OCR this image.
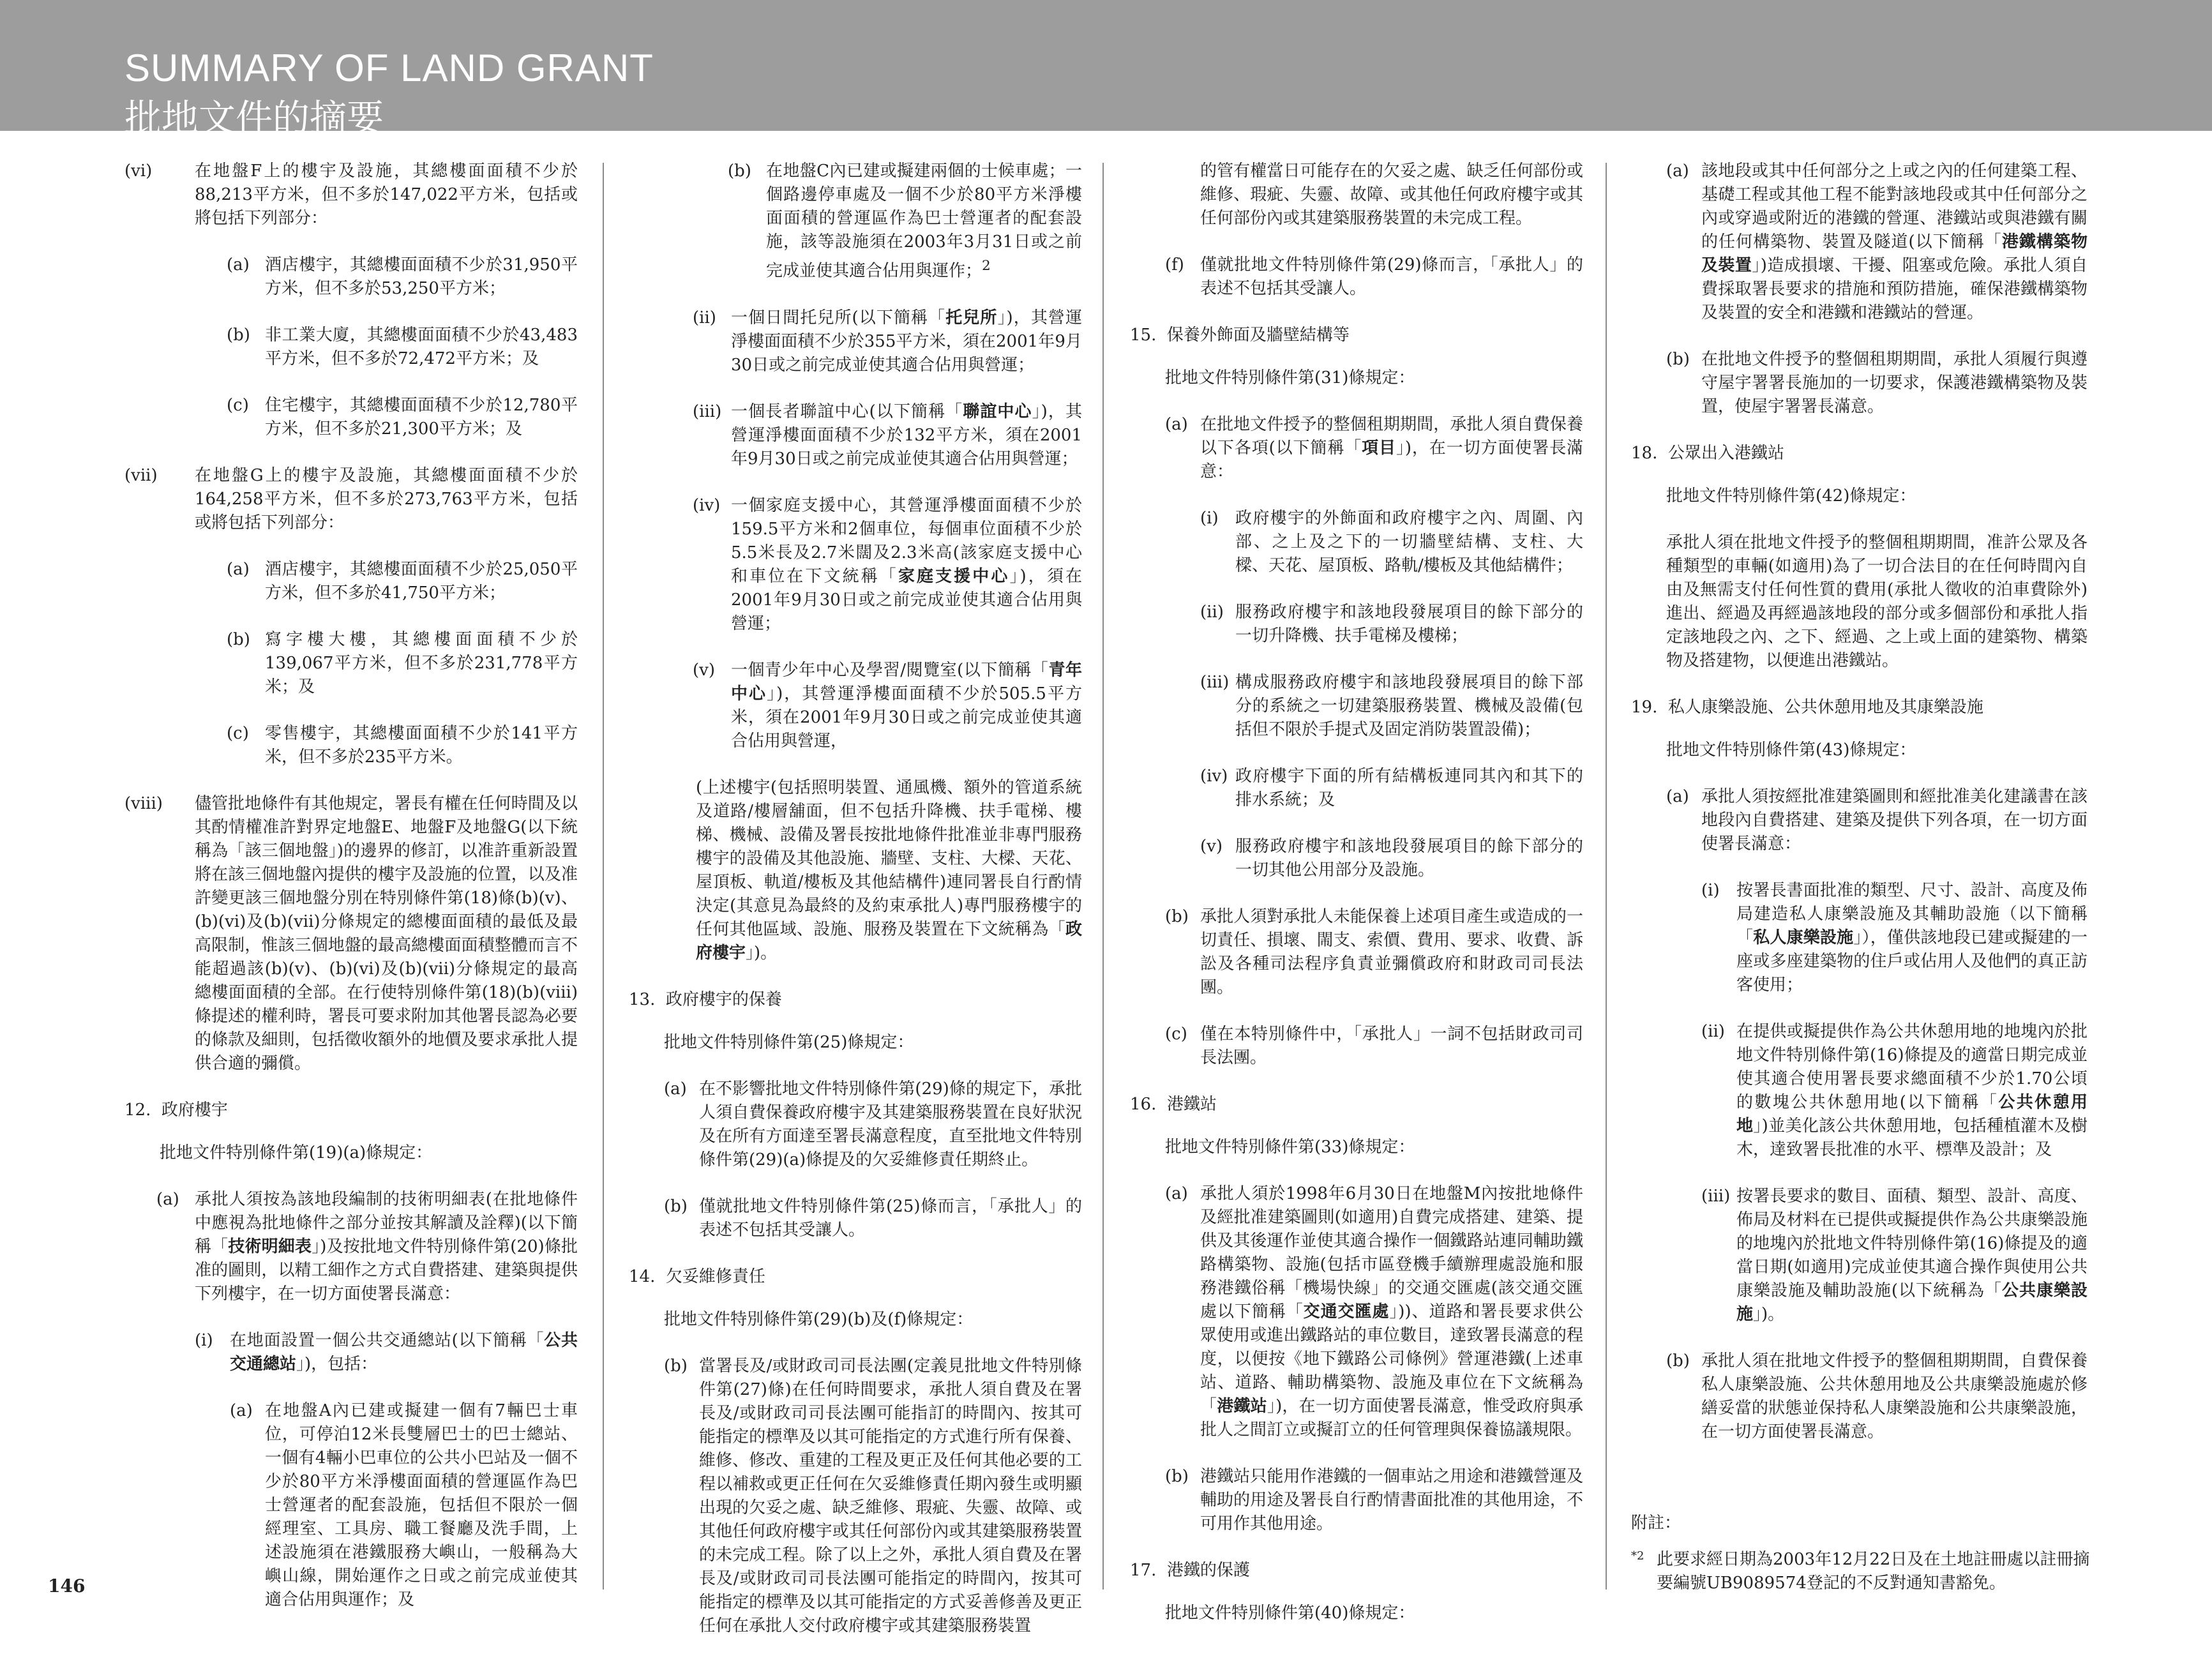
SUMMARY OF LAND GRANT
批地文件的摘要
(vi)	在地盤F上的樓宇及設施，其總樓面面積不少於88,213平方米，但不多於147,022平方米，包括或將包括下列部分：
(a) 酒店樓宇，其總樓面面積不少於31,950平方米，但不多於53,250平方米；
(b) 非工業大廈，其總樓面面積不少於43,483平方米，但不多於72,472平方米；及
(c) 住宅樓宇，其總樓面面積不少於12,780平方米，但不多於21,300平方米；及
(vii) 在地盤G上的樓宇及設施，其總樓面面積不少於164,258平方米，但不多於273,763平方米，包括或將包括下列部分：
(a) 酒店樓宇，其總樓面面積不少於25,050平方米，但不多於41,750平方米；
(b) 寫字樓大樓，其總樓面面積不少於139,067平方米，但不多於231,778平方米；及
(c) 零售樓宇，其總樓面面積不少於141平方米，但不多於235平方米。
(viii) 儘管批地條件有其他規定，署長有權在任何時間及以其酌情權准許對界定地盤E、地盤F及地盤G(以下統稱為「該三個地盤」)的邊界的修訂，以准許重新設置將在該三個地盤內提供的樓宇及設施的位置，以及准許變更該三個地盤分別在特別條件第(18)條(b)(v)、(b)(vi)及(b)(vii)分條規定的總樓面面積的最低及最高限制，惟該三個地盤的最高總樓面面積整體而言不能超過該(b)(v)、(b)(vi)及(b)(vii)分條規定的最高總樓面面積的全部。在行使特別條件第(18)(b)(viii)條提述的權利時，署長可要求附加其他署長認為必要的條款及細則，包括徵收額外的地價及要求承批人提供合適的彌償。
12. 政府樓宇
批地文件特別條件第(19)(a)條規定：
(a) 承批人須按為該地段編制的技術明細表(在批地條件中應視為批地條件之部分並按其解讀及詮釋)(以下簡稱「技術明細表」)及按批地文件特別條件第(20)條批准的圖則，以精工細作之方式自費搭建、建築與提供下列樓宇，在一切方面使署長滿意：
(i) 在地面設置一個公共交通總站(以下簡稱「公共交通總站」)，包括：
(a) 在地盤A內已建或擬建一個有7輛巴士車位，可停泊12米長雙層巴士的巴士總站、一個有4輛小巴車位的公共小巴站及一個不少於80平方米淨樓面面積的營運區作為巴士營運者的配套設施，包括但不限於一個經理室、工具房、職工餐廳及洗手間，上述設施須在港鐵服務大嶼山，一般稱為大嶼山線，開始運作之日或之前完成並使其適合佔用與運作；及
(b) 在地盤C內已建或擬建兩個的士候車處；一個路邊停車處及一個不少於80平方米淨樓面面積的營運區作為巴士營運者的配套設施，該等設施須在2003年3月31日或之前完成並使其適合佔用與運作；$^2$
(ii) 一個日間托兒所(以下簡稱「托兒所」)，其營運淨樓面面積不少於355平方米，須在2001年9月30日或之前完成並使其適合佔用與營運；
(iii) 一個長者聯誼中心(以下簡稱「聯誼中心」)，其營運淨樓面面積不少於132平方米，須在2001年9月30日或之前完成並使其適合佔用與營運；
(iv) 一個家庭支援中心，其營運淨樓面面積不少於159.5平方米和2個車位，每個車位面積不少於5.5米長及2.7米闊及2.3米高(該家庭支援中心和車位在下文統稱「家庭支援中心」)，須在2001年9月30日或之前完成並使其適合佔用與營運；
(v) 一個青少年中心及學習/閱覽室(以下簡稱「青年中心」)，其營運淨樓面面積不少於505.5平方米，須在2001年9月30日或之前完成並使其適合佔用與營運，
(上述樓宇(包括照明裝置、通風機、額外的管道系統及道路/樓層舖面，但不包括升降機、扶手電梯、樓梯、機械、設備及署長按批地條件批准並非專門服務樓宇的設備及其他設施、牆壁、支柱、大樑、天花、屋頂板、軌道/樓板及其他結構件)連同署長自行酌情決定(其意見為最終的及約束承批人)專門服務樓宇的任何其他區域、設施、服務及裝置在下文統稱為「政府樓宇」)。
13. 政府樓宇的保養
批地文件特別條件第(25)條規定：
(a) 在不影響批地文件特別條件第(29)條的規定下，承批人須自費保養政府樓宇及其建築服務裝置在良好狀況及在所有方面達至署長滿意程度，直至批地文件特別條件第(29)(a)條提及的欠妥維修責任期終止。
(b) 僅就批地文件特別條件第(25)條而言，「承批人」的表述不包括其受讓人。
14. 欠妥維修責任
批地文件特別條件第(29)(b)及(f)條規定：
(b) 當署長及/或財政司司長法團(定義見批地文件特別條件第(27)條)在任何時間要求，承批人須自費及在署長及/或財政司司長法團可能指訂的時間內、按其可能指定的標準及以其可能指定的方式進行所有保養、維修、修改、重建的工程及更正及任何其他必要的工程以補救或更正任何在欠妥維修責任期內發生或明顯出現的欠妥之處、缺乏維修、瑕疵、失靈、故障、或其他任何政府樓宇或其任何部份內或其建築服務裝置的未完成工程。除了以上之外，承批人須自費及在署長及/或財政司司長法團可能指定的時間內，按其可能指定的標準及以其可能指定的方式妥善修善及更正任何在承批人交付政府樓宇或其建築服務裝置
的管有權當日可能存在的欠妥之處、缺乏任何部份或維修、瑕疵、失靈、故障、或其他任何政府樓宇或其任何部份內或其建築服務裝置的未完成工程。
(f) 僅就批地文件特別條件第(29)條而言，「承批人」的表述不包括其受讓人。
15. 保養外飾面及牆壁結構等
批地文件特別條件第(31)條規定：
(a) 在批地文件授予的整個租期期間，承批人須自費保養以下各項(以下簡稱「項目」)，在一切方面使署長滿意：
(i) 政府樓宇的外飾面和政府樓宇之內、周圍、內部、之上及之下的一切牆壁結構、支柱、大樑、天花、屋頂板、路軌/樓板及其他結構件；
(ii) 服務政府樓宇和該地段發展項目的餘下部分的一切升降機、扶手電梯及樓梯；
(iii) 構成服務政府樓宇和該地段發展項目的餘下部分的系統之一切建築服務裝置、機械及設備(包括但不限於手提式及固定消防裝置設備)；
(iv) 政府樓宇下面的所有結構板連同其內和其下的排水系統；及
(v) 服務政府樓宇和該地段發展項目的餘下部分的一切其他公用部分及設施。
(b) 承批人須對承批人未能保養上述項目產生或造成的一切責任、損壞、閙支、索價、費用、要求、收費、訴訟及各種司法程序負責並彌償政府和財政司司長法團。
(c) 僅在本特別條件中，「承批人」一詞不包括財政司司長法團。
16. 港鐵站
批地文件特別條件第(33)條規定：
(a) 承批人須於1998年6月30日在地盤M內按批地條件及經批准建築圖則(如適用)自費完成搭建、建築、提供及其後運作並使其適合操作一個鐵路站連同輔助鐵路構築物、設施(包括市區登機手續辦理處設施和服務港鐵俗稱「機場快線」的交通交匯處(該交通交匯處以下簡稱「交通交匯處」))、道路和署長要求供公眾使用或進出鐵路站的車位數目，達致署長滿意的程度，以便按《地下鐵路公司條例》營運港鐵(上述車站、道路、輔助構築物、設施及車位在下文統稱為「港鐵站」)，在一切方面使署長滿意，惟受政府與承批人之間訂立或擬訂立的任何管理與保養協議規限。
(b) 港鐵站只能用作港鐵的一個車站之用途和港鐵營運及輔助的用途及署長自行酌情書面批准的其他用途，不可用作其他用途。
17. 港鐵的保護
批地文件特別條件第(40)條規定：
(a) 該地段或其中任何部分之上或之內的任何建築工程、基礎工程或其他工程不能對該地段或其中任何部分之內或穿過或附近的港鐵的營運、港鐵站或與港鐵有關的任何構築物、裝置及隧道(以下簡稱「港鐵構築物及裝置」)造成損壞、干擾、阻塞或危險。承批人須自費採取署長要求的措施和預防措施，確保港鐵構築物及裝置的安全和港鐵和港鐵站的營運。
(b) 在批地文件授予的整個租期期間，承批人須履行與遵守屋宇署署長施加的一切要求，保護港鐵構築物及裝置，使屋宇署署長滿意。
18. 公眾出入港鐵站
批地文件特別條件第(42)條規定：
承批人須在批地文件授予的整個租期期間，准許公眾及各種類型的車輛(如適用)為了一切合法目的在任何時間內自由及無需支付任何性質的費用(承批人徵收的泊車費除外)進出、經過及再經過該地段的部分或多個部份和承批人指定該地段之內、之下、經過、之上或上面的建築物、構築物及搭建物，以便進出港鐵站。
19. 私人康樂設施、公共休憩用地及其康樂設施
批地文件特別條件第(43)條規定：
(a) 承批人須按經批准建築圖則和經批准美化建議書在該地段內自費搭建、建築及提供下列各項，在一切方面使署長滿意：
(i) 按署長書面批准的類型、尺寸、設計、高度及佈局建造私人康樂設施及其輔助設施（以下簡稱「私人康樂設施」），僅供該地段已建或擬建的一座或多座建築物的住戶或佔用人及他們的真正訪客使用；
(ii) 在提供或擬提供作為公共休憩用地的地塊內於批地文件特別條件第(16)條提及的適當日期完成並使其適合使用署長要求總面積不少於1.70公頃的數塊公共休憩用地(以下簡稱「公共休憩用地」)並美化該公共休憩用地，包括種植灌木及樹木，達致署長批准的水平、標準及設計；及
(iii) 按署長要求的數目、面積、類型、設計、高度、佈局及材料在已提供或擬提供作為公共康樂設施的地塊內於批地文件特別條件第(16)條提及的適當日期(如適用)完成並使其適合操作與使用公共康樂設施及輔助設施(以下統稱為「公共康樂設施」)。
(b) 承批人須在批地文件授予的整個租期期間，自費保養私人康樂設施、公共休憩用地及公共康樂設施處於修繕妥當的狀態並保持私人康樂設施和公共康樂設施，在一切方面使署長滿意。
附註：
*2 此要求經日期為2003年12月22日及在土地註冊處以註冊摘要編號UB9089574登記的不反對通知書豁免。
146
